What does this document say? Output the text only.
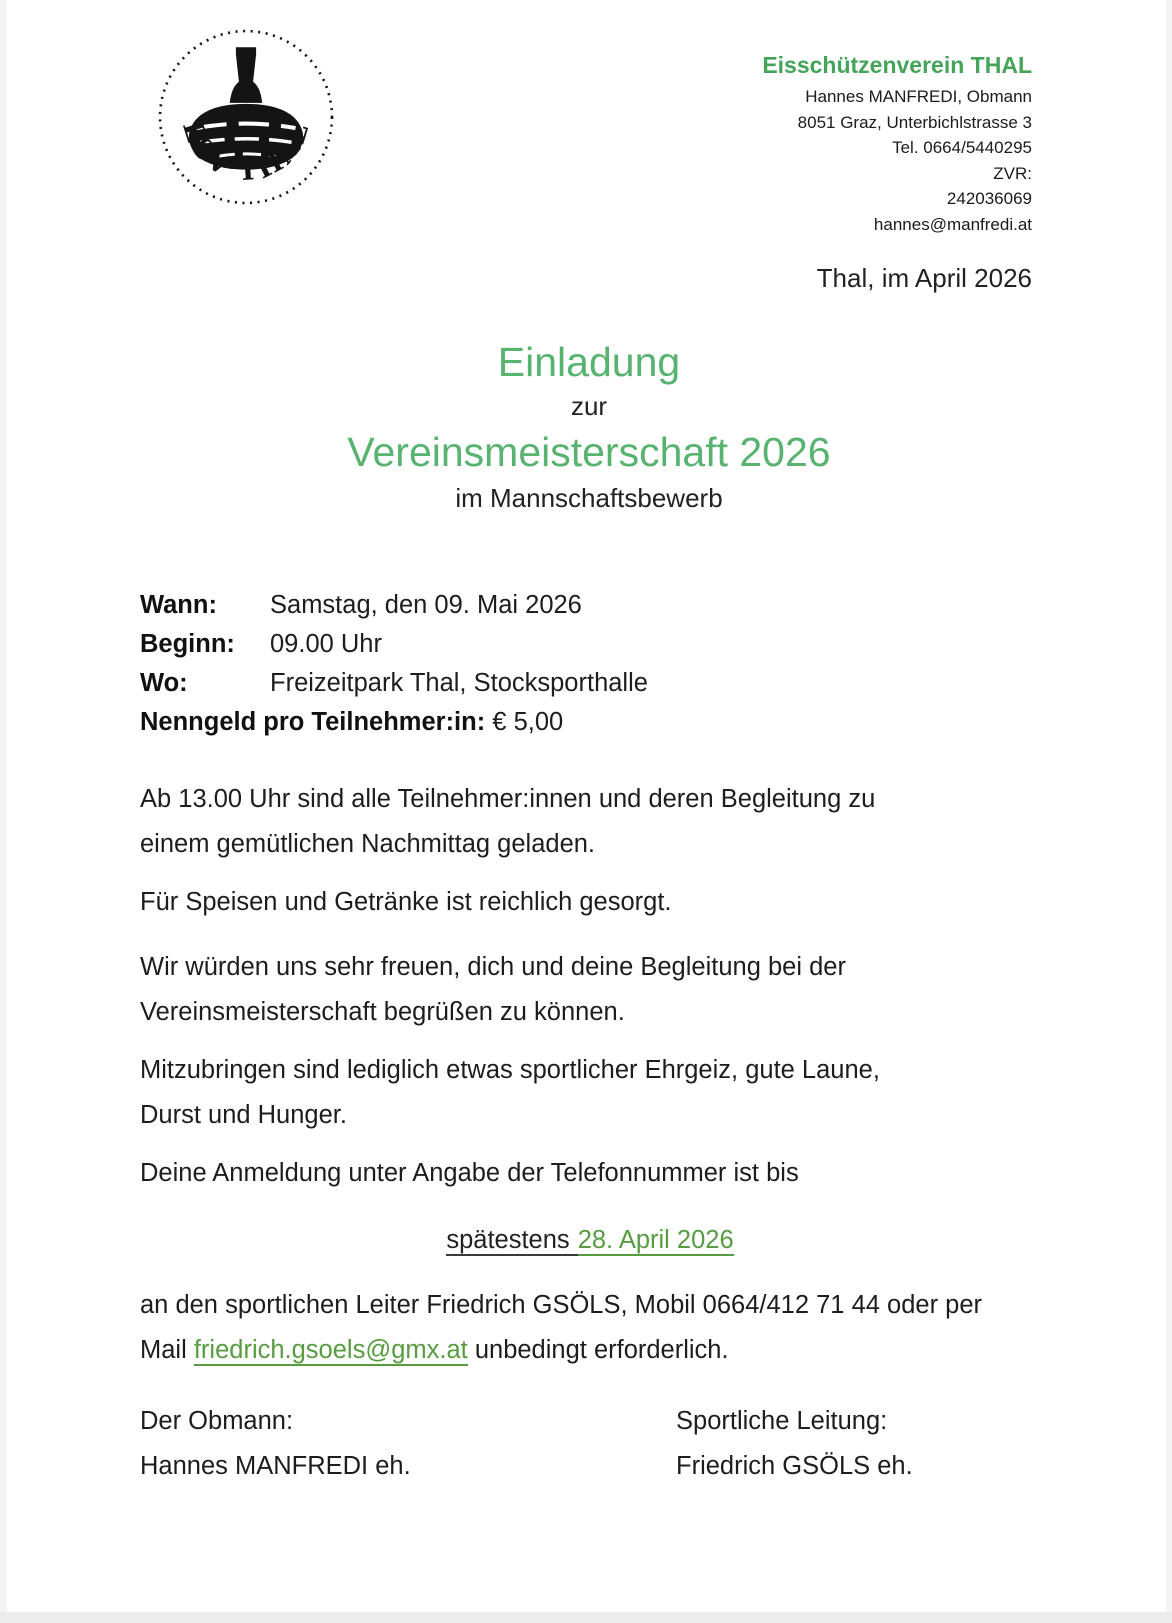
ESV THAL
Eisschützenverein THAL
Hannes MANFREDI, Obmann
8051 Graz, Unterbichlstrasse 3
Tel. 0664/5440295
ZVR:
242036069
hannes@manfredi.at
Thal, im April 2026
Einladung
zur
Vereinsmeisterschaft 2026
im Mannschaftsbewerb
Wann: Samstag, den 09. Mai 2026
Beginn: 09.00 Uhr
Wo:	Freizeitpark Thal, Stocksporthalle
Nenngeld pro Teilnehmer:in: € 5,00
Ab 13.00 Uhr sind alle Teilnehmer:innen und deren Begleitung zu
einem gemütlichen Nachmittag geladen.
Für Speisen und Getränke ist reichlich gesorgt.
Wir würden uns sehr freuen, dich und deine Begleitung bei der
Vereinsmeisterschaft begrüßen zu können.
Mitzubringen sind lediglich etwas sportlicher Ehrgeiz, gute Laune,
Durst und Hunger.
Deine Anmeldung unter Angabe der Telefonnummer ist bis
spätestens 28. April 2026
an den sportlichen Leiter Friedrich GSÖLS, Mobil 0664/412 71 44 oder per
Mail friedrich.gsoels@gmx.at unbedingt erforderlich.
Der Obmann:
Hannes MANFREDI eh.
Sportliche Leitung:
Friedrich GSÖLS eh.
